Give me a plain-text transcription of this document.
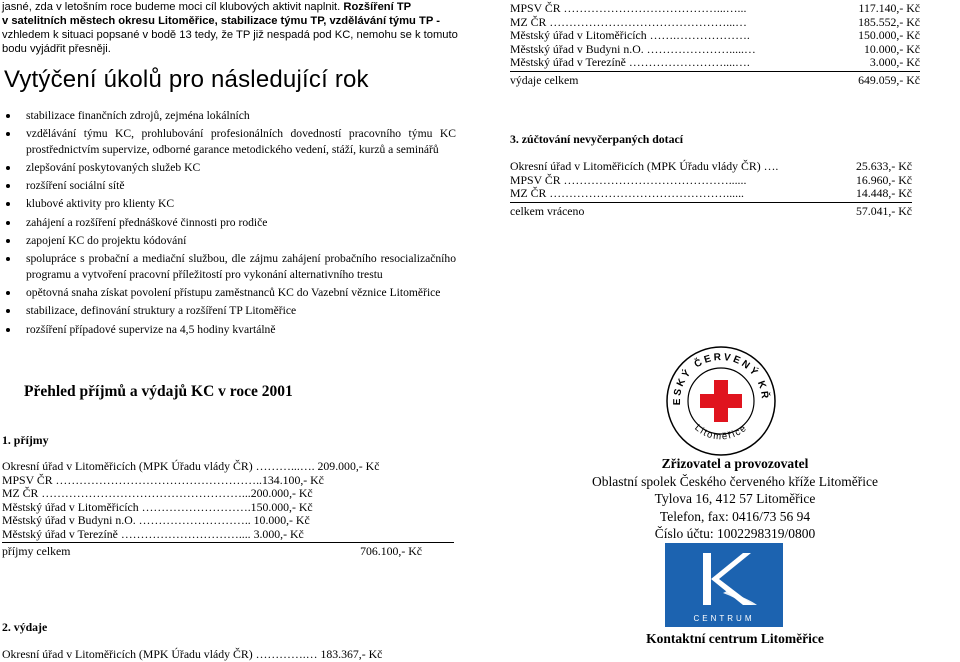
jasné, zda v letošním roce budeme moci cíl klubových aktivit naplnit. Rozšíření TP
v satelitních městech okresu Litoměřice, stabilizace týmu TP, vzdělávání týmu TP -
vzhledem k situaci popsané v bodě 13 tedy, že TP již nespadá pod KC, nemohu se k tomuto
bodu vyjádřit přesněji.
Vytýčení úkolů pro následující rok
stabilizace finančních zdrojů, zejména lokálních
vzdělávání týmu KC, prohlubování profesionálních dovedností pracovního týmu KC prostřednictvím supervize, odborné garance metodického vedení, stáží, kurzů a seminářů
zlepšování poskytovaných služeb KC
rozšíření sociální sítě
klubové aktivity pro klienty KC
zahájení a rozšíření přednáškové činnosti pro rodiče
zapojení KC do projektu kódování
spolupráce s probační a mediační službou, dle zájmu zahájení probačního resocializačního programu a vytvoření pracovní příležitostí pro vykonání alternativního trestu
opětovná snaha získat povolení přístupu zaměstnanců KC do Vazební věznice Litoměřice
stabilizace, definování struktury a rozšíření TP Litoměřice
rozšíření případové supervize na 4,5 hodiny kvartálně
Přehled příjmů a výdajů KC v roce 2001
1. příjmy
Okresní úřad v Litoměřicích (MPK Úřadu vlády ČR) ………...…. 209.000,- Kč
MPSV ČR ……………………………………………..134.100,- Kč
MZ ČR ……………………………………………...200.000,- Kč
Městský úřad v Litoměřicích ……………………….150.000,- Kč
Městský úřad v Budyni n.O. ……………………….. 10.000,- Kč
Městský úřad v Terezíně ………………………….... 3.000,- Kč
příjmy celkem	706.100,- Kč
2. výdaje
Okresní úřad v Litoměřicích (MPK Úřadu vlády ČR) ………….… 183.367,- Kč
MPSV ČR …………………………………...…...	117.140,- Kč
MZ ČR ………………………………………...…	185.552,- Kč
Městský úřad v Litoměřicích …….……………….	150.000,- Kč
Městský úřad v Budyni n.O. ………………….....…	10.000,- Kč
Městský úřad v Terezíně ……………………....….	3.000,- Kč
výdaje celkem	649.059,- Kč
3. zúčtování nevyčerpaných dotací
Okresní úřad v Litoměřicích (MPK Úřadu vlády ČR) ….	25.633,- Kč
MPSV ČR ……………………………………......	16.960,- Kč
MZ ČR ………………………………………......	14.448,- Kč
celkem vráceno	57.041,- Kč
ESKÝ ČERVENÝ KŘ
Litoměřice
Zřizovatel a provozovatel
Oblastní spolek Českého červeného kříže Litoměřice
Tylova 16, 412 57 Litoměřice
Telefon, fax: 0416/73 56 94
Číslo účtu: 1002298319/0800
CENTRUM
Kontaktní centrum Litoměřice
